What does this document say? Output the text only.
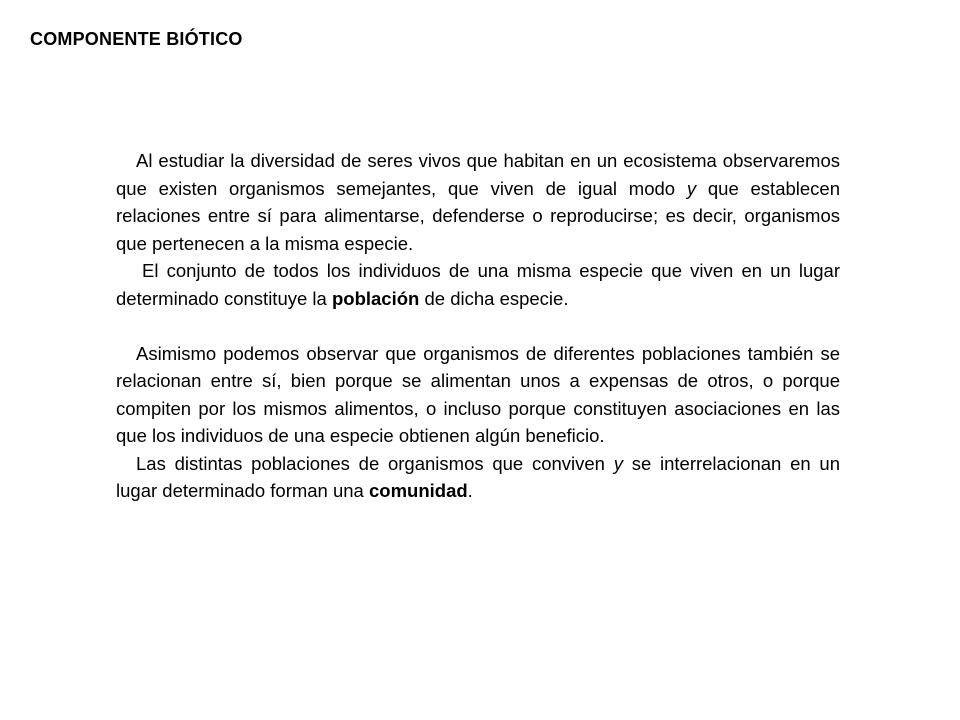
COMPONENTE BIÓTICO

Al estudiar la diversidad de seres vivos que habitan en un ecosistema observaremos que existen organismos semejantes, que viven de igual modo y que establecen relaciones entre sí para alimentarse, defenderse o reproducirse; es decir, organismos que pertenecen a la misma especie.

El conjunto de todos los individuos de una misma especie que viven en un lugar determinado constituye la población de dicha especie.

Asimismo podemos observar que organismos de diferentes poblaciones también se relacionan entre sí, bien porque se alimentan unos a expensas de otros, o porque compiten por los mismos alimentos, o incluso porque constituyen asociaciones en las que los individuos de una especie obtienen algún beneficio.

Las distintas poblaciones de organismos que conviven y se interrelacionan en un lugar determinado forman una comunidad.
